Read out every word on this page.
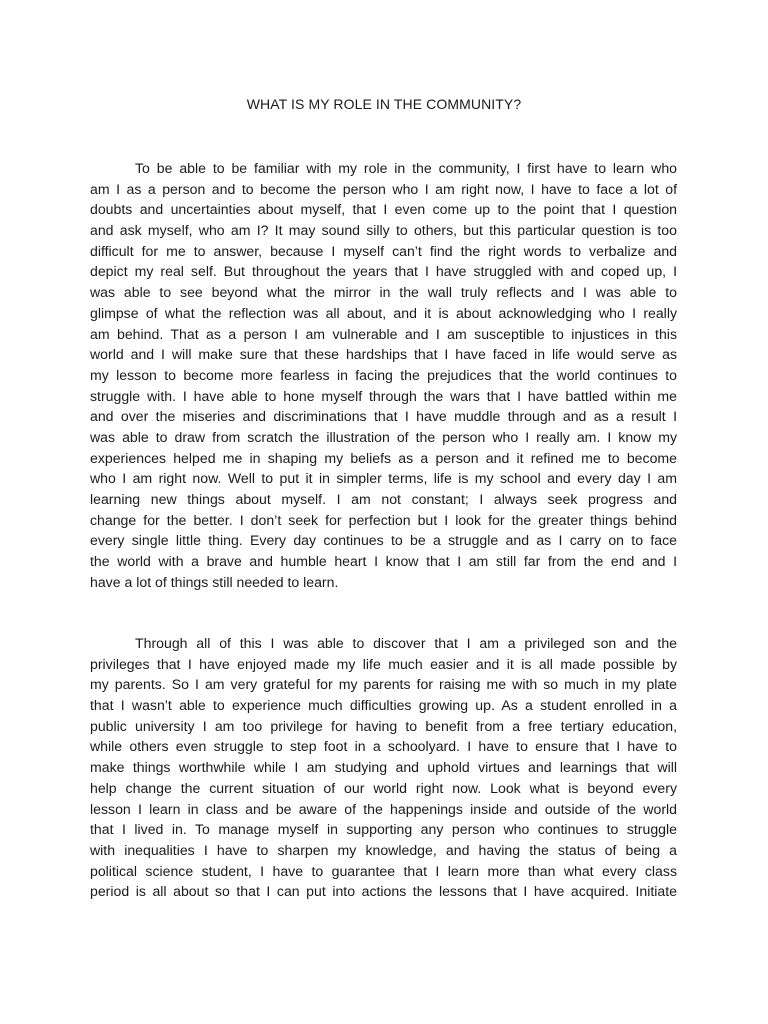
WHAT IS MY ROLE IN THE COMMUNITY?
To be able to be familiar with my role in the community, I first have to learn who
am I as a person and to become the person who I am right now, I have to face a lot of
doubts and uncertainties about myself, that I even come up to the point that I question
and ask myself, who am I? It may sound silly to others, but this particular question is too
difficult for me to answer, because I myself can’t find the right words to verbalize and
depict my real self. But throughout the years that I have struggled with and coped up, I
was able to see beyond what the mirror in the wall truly reflects and I was able to
glimpse of what the reflection was all about, and it is about acknowledging who I really
am behind. That as a person I am vulnerable and I am susceptible to injustices in this
world and I will make sure that these hardships that I have faced in life would serve as
my lesson to become more fearless in facing the prejudices that the world continues to
struggle with. I have able to hone myself through the wars that I have battled within me
and over the miseries and discriminations that I have muddle through and as a result I
was able to draw from scratch the illustration of the person who I really am. I know my
experiences helped me in shaping my beliefs as a person and it refined me to become
who I am right now. Well to put it in simpler terms, life is my school and every day I am
learning new things about myself. I am not constant; I always seek progress and
change for the better. I don’t seek for perfection but I look for the greater things behind
every single little thing. Every day continues to be a struggle and as I carry on to face
the world with a brave and humble heart I know that I am still far from the end and I
have a lot of things still needed to learn.
Through all of this I was able to discover that I am a privileged son and the
privileges that I have enjoyed made my life much easier and it is all made possible by
my parents. So I am very grateful for my parents for raising me with so much in my plate
that I wasn’t able to experience much difficulties growing up. As a student enrolled in a
public university I am too privilege for having to benefit from a free tertiary education,
while others even struggle to step foot in a schoolyard. I have to ensure that I have to
make things worthwhile while I am studying and uphold virtues and learnings that will
help change the current situation of our world right now. Look what is beyond every
lesson I learn in class and be aware of the happenings inside and outside of the world
that I lived in. To manage myself in supporting any person who continues to struggle
with inequalities I have to sharpen my knowledge, and having the status of being a
political science student, I have to guarantee that I learn more than what every class
period is all about so that I can put into actions the lessons that I have acquired. Initiate
